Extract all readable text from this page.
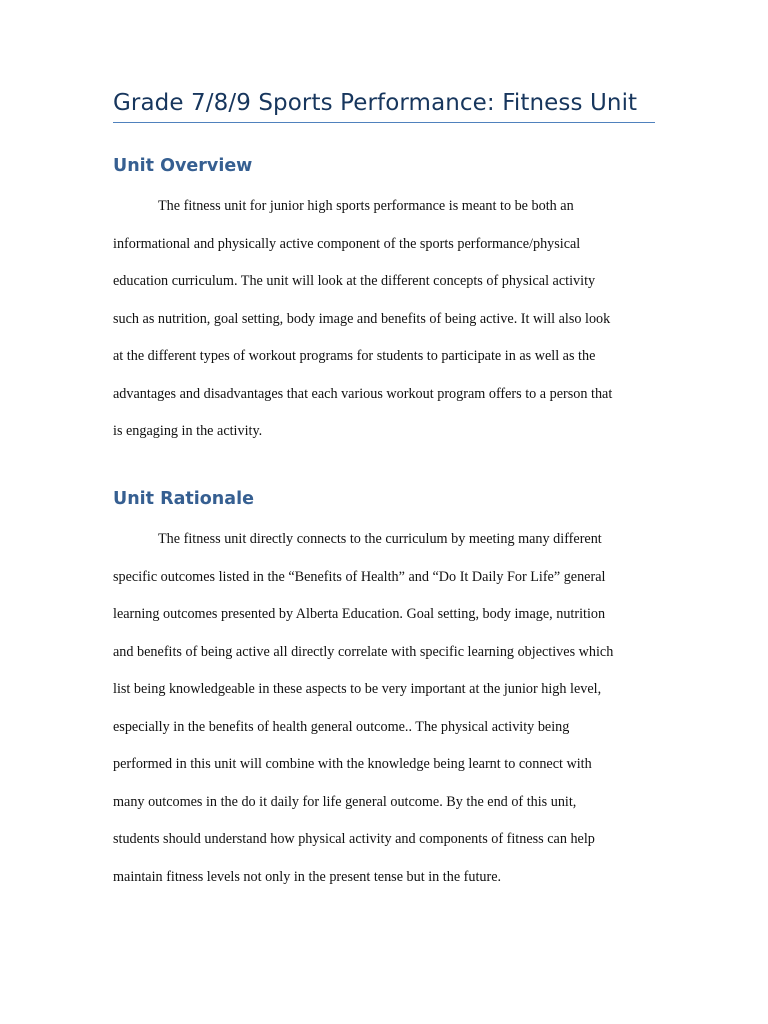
Grade 7/8/9 Sports Performance: Fitness Unit
Unit Overview
The fitness unit for junior high sports performance is meant to be both an
informational and physically active component of the sports performance/physical
education curriculum. The unit will look at the different concepts of physical activity
such as nutrition, goal setting, body image and benefits of being active. It will also look
at the different types of workout programs for students to participate in as well as the
advantages and disadvantages that each various workout program offers to a person that
is engaging in the activity.
Unit Rationale
The fitness unit directly connects to the curriculum by meeting many different
specific outcomes listed in the “Benefits of Health” and “Do It Daily For Life” general
learning outcomes presented by Alberta Education. Goal setting, body image, nutrition
and benefits of being active all directly correlate with specific learning objectives which
list being knowledgeable in these aspects to be very important at the junior high level,
especially in the benefits of health general outcome.. The physical activity being
performed in this unit will combine with the knowledge being learnt to connect with
many outcomes in the do it daily for life general outcome. By the end of this unit,
students should understand how physical activity and components of fitness can help
maintain fitness levels not only in the present tense but in the future.
